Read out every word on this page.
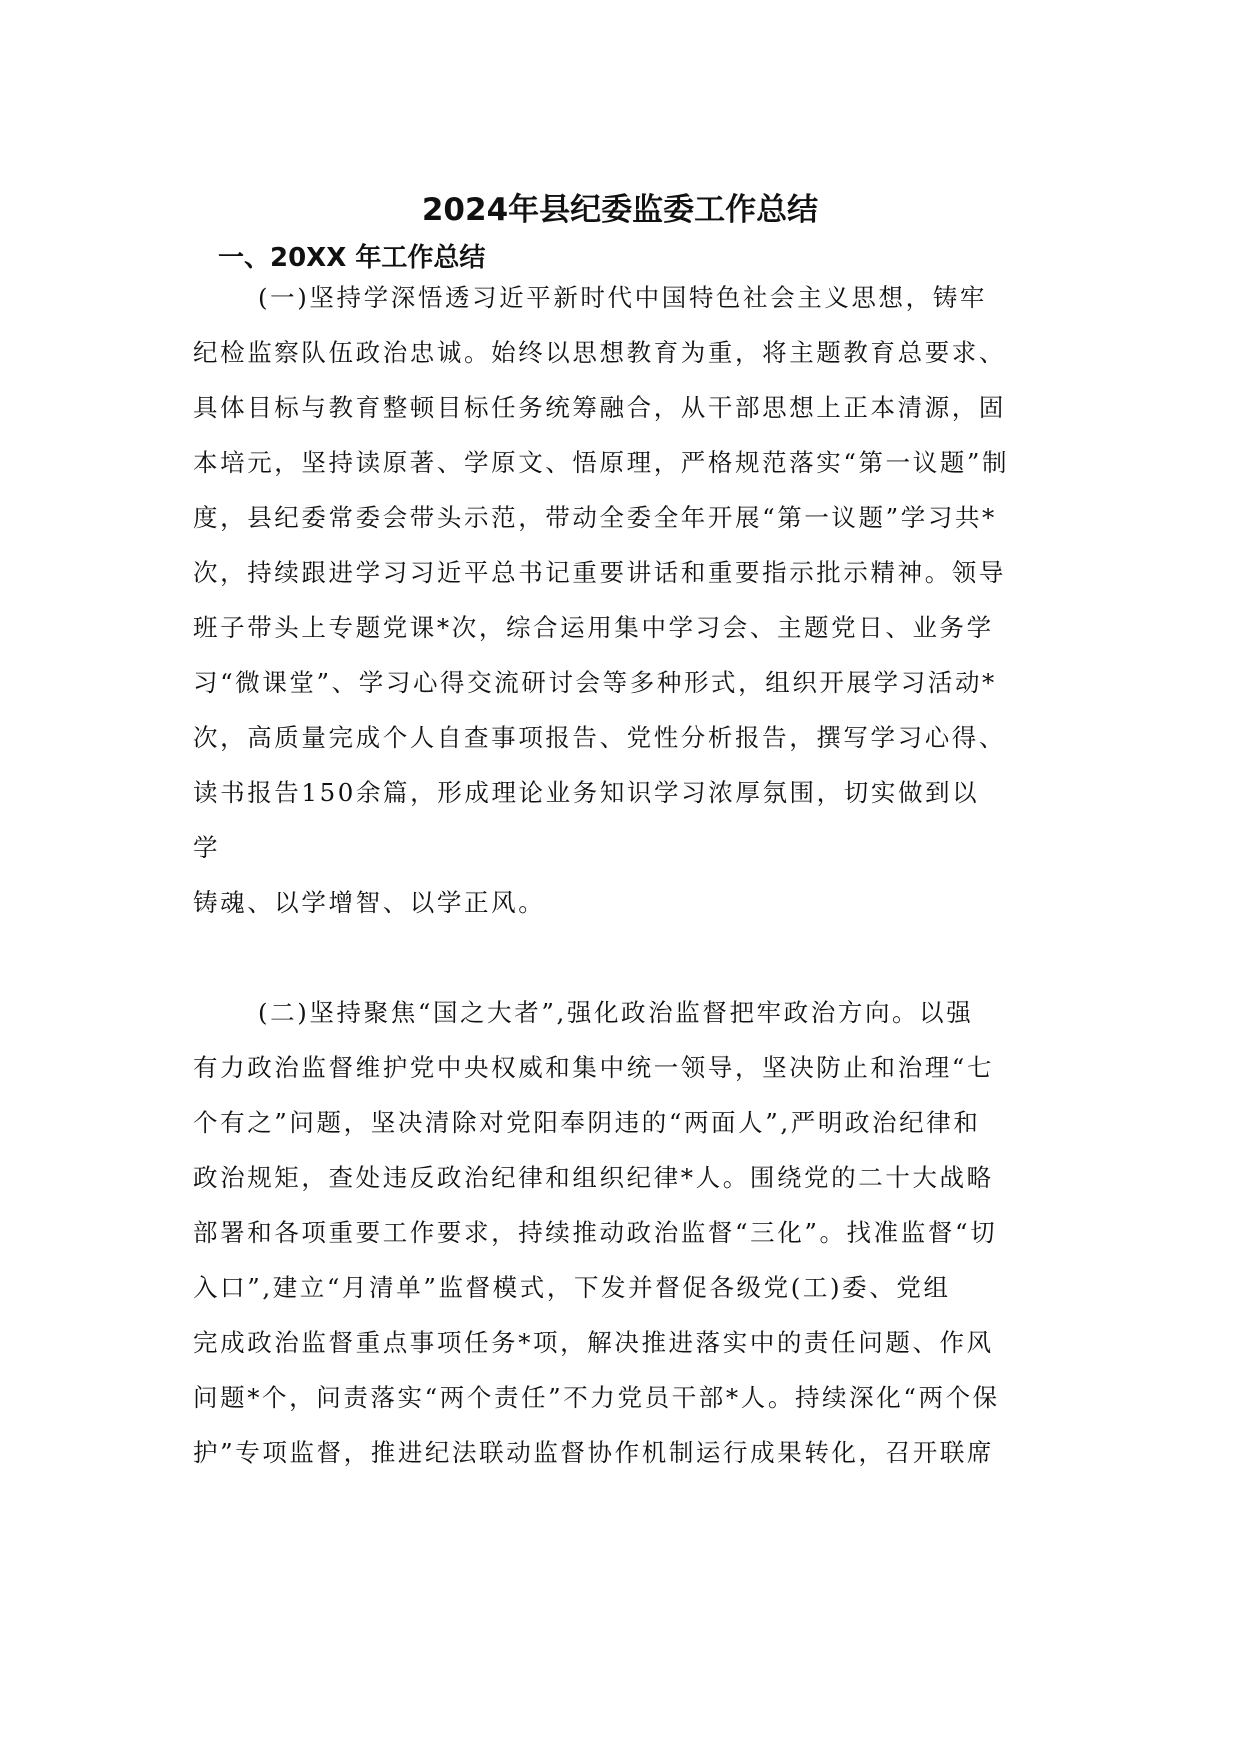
2024年县纪委监委工作总结
一、20XX 年工作总结
(一)坚持学深悟透习近平新时代中国特色社会主义思想，铸牢
纪检监察队伍政治忠诚。始终以思想教育为重，将主题教育总要求、
具体目标与教育整顿目标任务统筹融合，从干部思想上正本清源，固
本培元，坚持读原著、学原文、悟原理，严格规范落实“第一议题”制
度，县纪委常委会带头示范，带动全委全年开展“第一议题”学习共*
次，持续跟进学习习近平总书记重要讲话和重要指示批示精神。领导
班子带头上专题党课*次，综合运用集中学习会、主题党日、业务学
习“微课堂”、学习心得交流研讨会等多种形式，组织开展学习活动*
次，高质量完成个人自查事项报告、党性分析报告，撰写学习心得、
读书报告150余篇，形成理论业务知识学习浓厚氛围，切实做到以
学
铸魂、以学增智、以学正风。
(二)坚持聚焦“国之大者”,强化政治监督把牢政治方向。以强
有力政治监督维护党中央权威和集中统一领导，坚决防止和治理“七
个有之”问题，坚决清除对党阳奉阴违的“两面人”,严明政治纪律和
政治规矩，查处违反政治纪律和组织纪律*人。围绕党的二十大战略
部署和各项重要工作要求，持续推动政治监督“三化”。找准监督“切
入口”,建立“月清单”监督模式，下发并督促各级党(工)委、党组
完成政治监督重点事项任务*项，解决推进落实中的责任问题、作风
问题*个，问责落实“两个责任”不力党员干部*人。持续深化“两个保
护”专项监督，推进纪法联动监督协作机制运行成果转化，召开联席
